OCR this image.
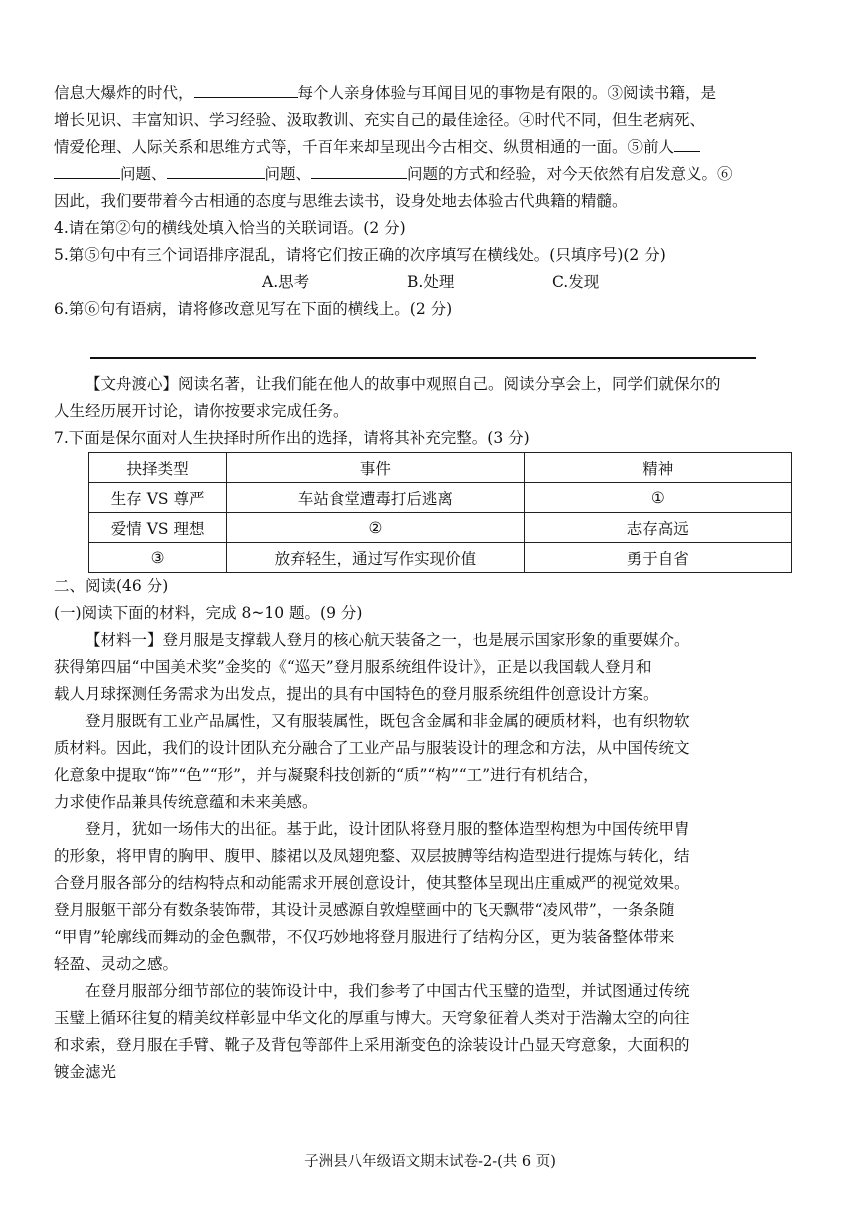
信息大爆炸的时代，	每个人亲身体验与耳闻目见的事物是有限的。③阅读书籍，是

增长见识、丰富知识、学习经验、汲取教训、充实自己的最佳途径。④时代不同，但生老病死、

情爱伦理、人际关系和思维方式等，千百年来却呈现出今古相交、纵贯相通的一面。⑤前人

问题、	问题、	问题的方式和经验，对今天依然有启发意义。⑥

因此，我们要带着今古相通的态度与思维去读书，设身处地去体验古代典籍的精髓。

4.请在第②句的横线处填入恰当的关联词语。(2 分)

5.第⑤句中有三个词语排序混乱，请将它们按正确的次序填写在横线处。(只填序号)(2 分)

A.思考	B.处理	C.发现

6.第⑥句有语病，请将修改意见写在下面的横线上。(2 分)

【文舟渡心】阅读名著，让我们能在他人的故事中观照自己。阅读分享会上，同学们就保尔的

人生经历展开讨论，请你按要求完成任务。

7.下面是保尔面对人生抉择时所作出的选择，请将其补充完整。(3 分)

抉择类型	事件	精神
生存 VS 尊严	车站食堂遭毒打后逃离	①
爱情 VS 理想	②	志存高远
③	放弃轻生，通过写作实现价值	勇于自省

二、阅读(46 分)

(一)阅读下面的材料，完成 8~10 题。(9 分)

【材料一】登月服是支撑载人登月的核心航天装备之一，也是展示国家形象的重要媒介。

获得第四届“中国美术奖”金奖的《“巡天”登月服系统组件设计》，正是以我国载人登月和

载人月球探测任务需求为出发点，提出的具有中国特色的登月服系统组件创意设计方案。

登月服既有工业产品属性，又有服装属性，既包含金属和非金属的硬质材料，也有织物软

质材料。因此，我们的设计团队充分融合了工业产品与服装设计的理念和方法，从中国传统文

化意象中提取“饰”“色”“形”，并与凝聚科技创新的“质”“构”“工”进行有机结合，

力求使作品兼具传统意蕴和未来美感。

登月，犹如一场伟大的出征。基于此，设计团队将登月服的整体造型构想为中国传统甲胄

的形象，将甲胄的胸甲、腹甲、膝裙以及凤翅兜鍪、双层披膊等结构造型进行提炼与转化，结

合登月服各部分的结构特点和动能需求开展创意设计，使其整体呈现出庄重威严的视觉效果。

登月服躯干部分有数条装饰带，其设计灵感源自敦煌壁画中的飞天飘带“凌风带”，一条条随

“甲胄”轮廓线而舞动的金色飘带，不仅巧妙地将登月服进行了结构分区，更为装备整体带来

轻盈、灵动之感。

在登月服部分细节部位的装饰设计中，我们参考了中国古代玉璧的造型，并试图通过传统

玉璧上循环往复的精美纹样彰显中华文化的厚重与博大。天穹象征着人类对于浩瀚太空的向往

和求索，登月服在手臂、靴子及背包等部件上采用渐变色的涂装设计凸显天穹意象，大面积的

镀金滤光

子洲县八年级语文期末试卷-2-(共 6 页)
